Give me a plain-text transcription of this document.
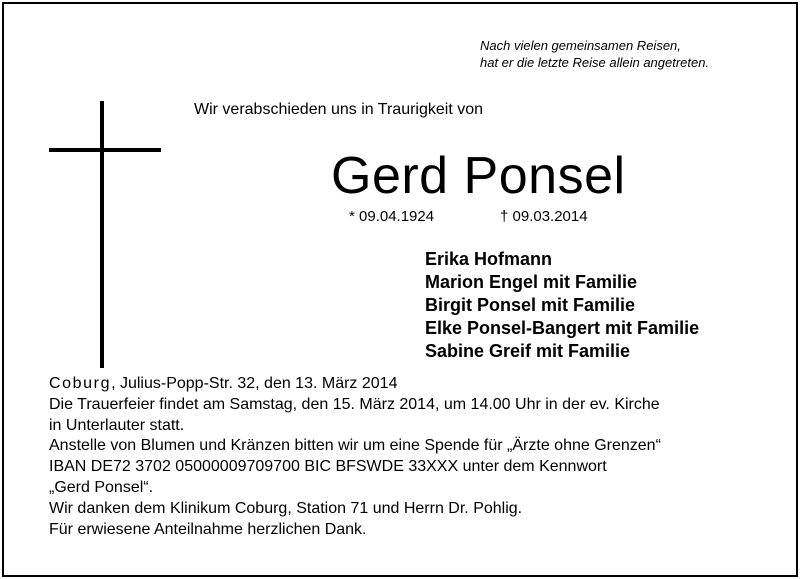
Nach vielen gemeinsamen Reisen,
hat er die letzte Reise allein angetreten.
Wir verabschieden uns in Traurigkeit von
Gerd Ponsel
* 09.04.1924	† 09.03.2014
Erika Hofmann
Marion Engel mit Familie
Birgit Ponsel mit Familie
Elke Ponsel-Bangert mit Familie
Sabine Greif mit Familie
Coburg, Julius-Popp-Str. 32, den 13. März 2014
Die Trauerfeier findet am Samstag, den 15. März 2014, um 14.00 Uhr in der ev. Kirche
in Unterlauter statt.
Anstelle von Blumen und Kränzen bitten wir um eine Spende für „Ärzte ohne Grenzen“
IBAN DE72 3702 05000009709700 BIC BFSWDE 33XXX unter dem Kennwort
„Gerd Ponsel“.
Wir danken dem Klinikum Coburg, Station 71 und Herrn Dr. Pohlig.
Für erwiesene Anteilnahme herzlichen Dank.
